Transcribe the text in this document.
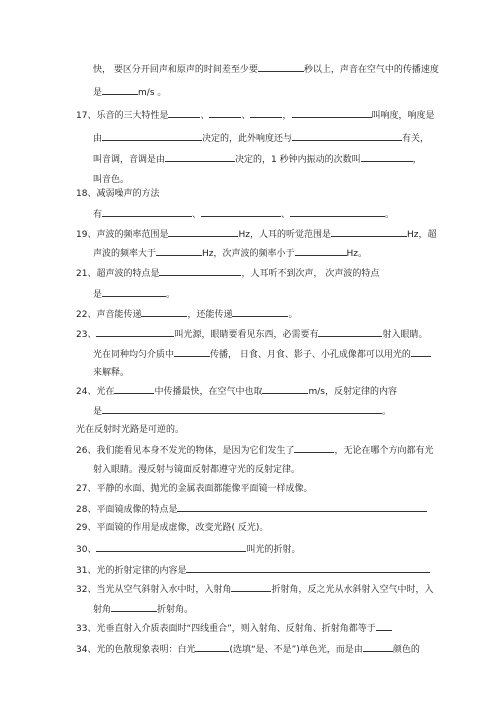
快， 要区分开回声和原声的时间差至少要	秒以上，声音在空气中的传播速度
是	m/s 。
17、乐音的三大特性是	、	、	，	叫响度，响度是
由	决定的，此外响度还与	有关，
叫音调，音调是由	决定的，1 秒钟内振动的次数叫	，
叫音色。
18、减弱噪声的方法
有	、	、	。
19、声波的频率范围是	Hz，人耳的听觉范围是	Hz，超
声波的频率大于	Hz，次声波的频率小于	Hz。
21、超声波的特点是	，人耳听不到次声， 次声波的特点
是	。
22、声音能传递	，还能传递	。
23、	叫光源，眼睛要看见东西，必需要有	射入眼睛。
光在同种均匀介质中	传播， 日食、月食、影子、小孔成像都可以用光的
来解释。
24、光在	中传播最快，在空气中也取	m/s，反射定律的内容
是	。
光在反射时光路是可逆的。
26、我们能看见本身不发光的物体，是因为它们发生了	，无论在哪个方向都有光
射入眼睛。漫反射与镜面反射都遵守光的反射定律。
27、平静的水面、抛光的金属表面都能像平面镜一样成像。
28、平面镜成像的特点是
29、平面镜的作用是成虚像，改变光路( 反光)。
30、	叫光的折射。
31、光的折射定律的内容是
32、当光从空气斜射入水中时，入射角	折射角，反之光从水斜射入空气中时，入
射角	折射角。
33、光垂直射入介质表面时“四线重合”，则入射角、反射角、折射角都等于
34、光的色散现象表明：白光	(选填“是、不是”)单色光，而是由	颜色的
